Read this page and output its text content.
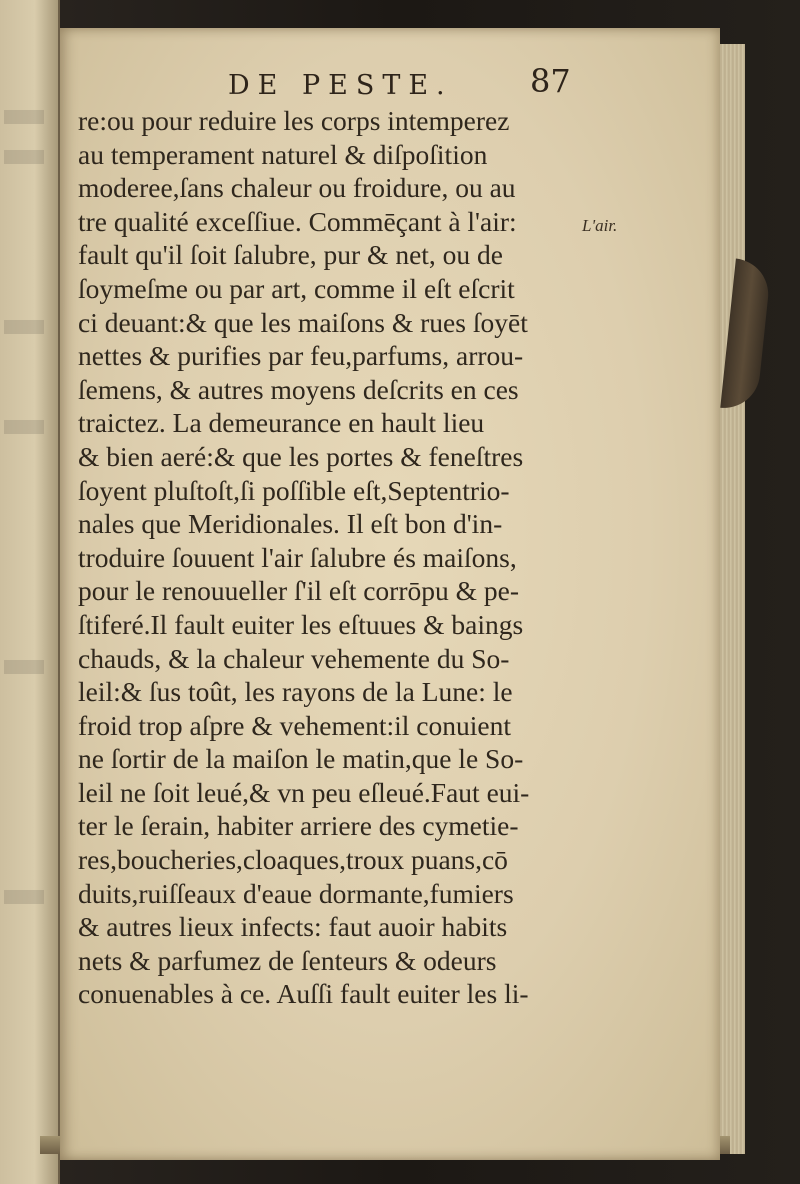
DE PESTE. 87
re:ou pour reduire les corps intemperez
au temperament naturel & diſpoſition
moderee,ſans chaleur ou froidure, ou au
tre qualité exceſſiue. Commēçant à l'air:
fault qu'il ſoit ſalubre, pur & net, ou de
ſoymeſme ou par art, comme il eſt eſcrit
ci deuant:& que les maiſons & rues ſoyēt
nettes & purifies par feu,parfums, arrou-
ſemens, & autres moyens deſcrits en ces
traictez. La demeurance en hault lieu
& bien aeré:& que les portes & feneſtres
ſoyent pluſtoſt,ſi poſſible eſt,Septentrio-
nales que Meridionales. Il eſt bon d'in-
troduire ſouuent l'air ſalubre és maiſons,
pour le renouueller ſ'il eſt corrōpu & pe-
ſtiferé.Il fault euiter les eſtuues & baings
chauds, & la chaleur vehemente du So-
leil:& ſus toût, les rayons de la Lune: le
froid trop aſpre & vehement:il conuient
ne ſortir de la maiſon le matin,que le So-
leil ne ſoit leué,& vn peu eſleué.Faut eui-
ter le ſerain, habiter arriere des cymetie-
res,boucheries,cloaques,troux puans,cō
duits,ruiſſeaux d'eaue dormante,fumiers
& autres lieux infects: faut auoir habits
nets & parfumez de ſenteurs & odeurs
conuenables à ce. Auſſi fault euiter les li-
L'air.
